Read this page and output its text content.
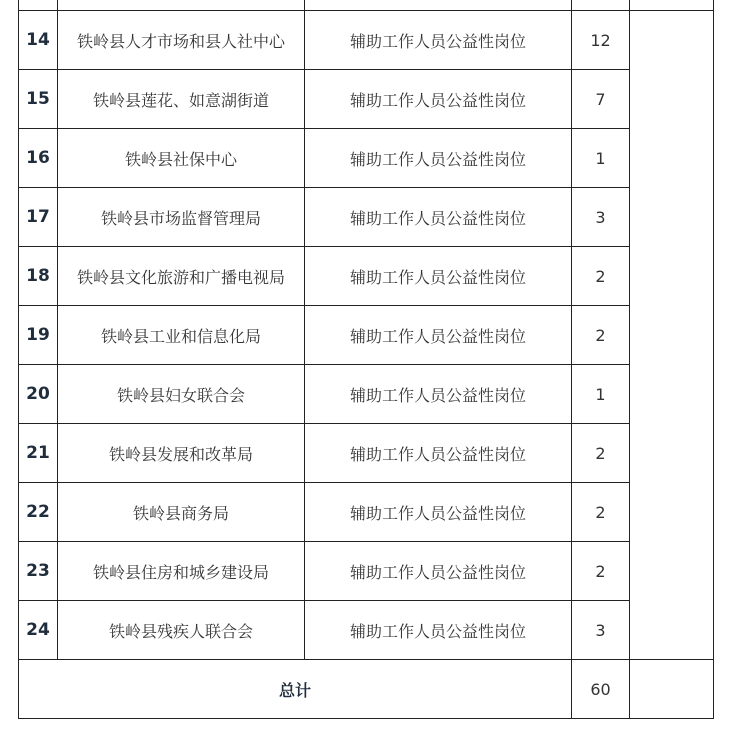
14	铁岭县人才市场和县人社中心	辅助工作人员公益性岗位	12	
15	铁岭县莲花、如意湖街道	辅助工作人员公益性岗位	7	
16	铁岭县社保中心	辅助工作人员公益性岗位	1	
17	铁岭县市场监督管理局	辅助工作人员公益性岗位	3	
18	铁岭县文化旅游和广播电视局	辅助工作人员公益性岗位	2	
19	铁岭县工业和信息化局	辅助工作人员公益性岗位	2	
20	铁岭县妇女联合会	辅助工作人员公益性岗位	1	
21	铁岭县发展和改革局	辅助工作人员公益性岗位	2	
22	铁岭县商务局	辅助工作人员公益性岗位	2	
23	铁岭县住房和城乡建设局	辅助工作人员公益性岗位	2	
24	铁岭县残疾人联合会	辅助工作人员公益性岗位	3	
总计			60	
